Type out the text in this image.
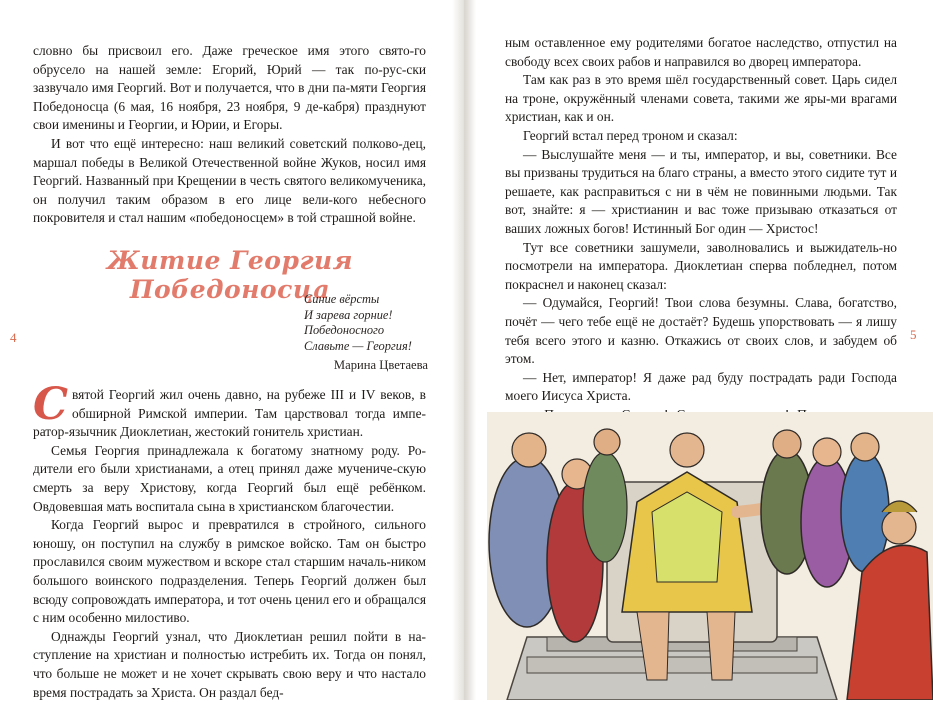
словно бы присвоил его. Даже греческое имя этого свято-го обрусело на нашей земле: Егорий, Юрий — так по-рус-ски зазвучало имя Георгий. Вот и получается, что в дни па-мяти Георгия Победоносца (6 мая, 16 ноября, 23 ноября, 9 де-кабря) празднуют свои именины и Георгии, и Юрии, и Егоры.

И вот что ещё интересно: наш великий советский полково-дец, маршал победы в Великой Отечественной войне Жуков, носил имя Георгий. Названный при Крещении в честь святого великомученика, он получил таким образом в его лице вели-кого небесного покровителя и стал нашим «победоносцем» в той страшной войне.

Житие Георгия Победоносца
Синие вёрсты
И зарева горние!
Победоносного
Славьте — Георгия!
Марина Цветаева

Святой Георгий жил очень давно, на рубеже III и IV веков, в обширной Римской империи. Там царствовал тогда импе-ратор-язычник Диоклетиан, жестокий гонитель христиан.

Семья Георгия принадлежала к богатому знатному роду. Ро-дители его были христианами, а отец принял даже мучениче-скую смерть за веру Христову, когда Георгий был ещё ребёнком. Овдовевшая мать воспитала сына в христианском благочестии.

Когда Георгий вырос и превратился в стройного, сильного юношу, он поступил на службу в римское войско. Там он быстро прославился своим мужеством и вскоре стал старшим началь-ником большого воинского подразделения. Теперь Георгий должен был всюду сопровождать императора, и тот очень ценил его и обращался с ним особенно милостиво.

Однажды Георгий узнал, что Диоклетиан решил пойти в на-ступление на христиан и полностью истребить их. Тогда он понял, что больше не может и не хочет скрывать свою веру и что настало время пострадать за Христа. Он раздал бед-

4

ным оставленное ему родителями богатое наследство, отпустил на свободу всех своих рабов и направился во дворец императора.

Там как раз в это время шёл государственный совет. Царь сидел на троне, окружённый членами совета, такими же яры-ми врагами христиан, как и он.

Георгий встал перед троном и сказал:

— Выслушайте меня — и ты, император, и вы, советники. Все вы призваны трудиться на благо страны, а вместо этого сидите тут и решаете, как расправиться с ни в чём не повинными людьми. Так вот, знайте: я — христианин и вас тоже призываю отказаться от ваших ложных богов! Истинный Бог один — Христос!

Тут все советники зашумели, заволновались и выжидатель-но посмотрели на императора. Диоклетиан сперва побледнел, потом покраснел и наконец сказал:

— Одумайся, Георгий! Твои слова безумны. Слава, богатство, почёт — чего тебе ещё не достаёт? Будешь упорствовать — я лишу тебя всего этого и казню. Откажись от своих слов, и забудем об этом.

— Нет, император! Я даже рад буду пострадать ради Господа моего Иисуса Христа.

5
